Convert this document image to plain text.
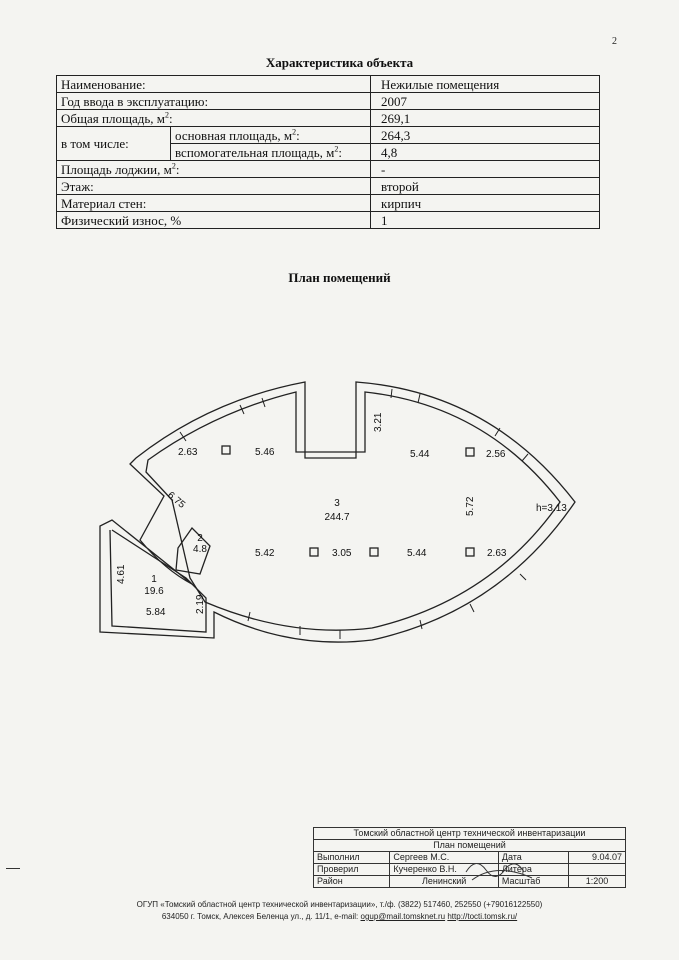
2
Характеристика объекта
Наименование:		Нежилые помещения
Год ввода в эксплуатацию:		2007
Общая площадь, $м^2$:		269,1
в том числе:	основная площадь, $м^2$:	264,3
	вспомогательная площадь, $м^2$:	4,8
Площадь лоджии, $м^2$:		-
Этаж:		второй
Материал стен:		кирпич
Физический износ, %		1
План помещений
2.63	5.46
3.21
5.44	2.56
6.75	3
244.7
5.72	h=3.13
2
4.8	5.42	3.05	5.44	2.63
4.61 1
19.6
5.84	2.19
Томский областной центр технической инвентаризации			
План помещений			
Выполнил	Сергеев М.С.	Дата	9.04.07
Проверил	Кучеренко В.Н.	Литера	
Район	Ленинский	Масштаб	1:200
ОГУП «Томский областной центр технической инвентаризации», т./ф. (3822) 517460, 252550 (+79016122550)
634050 г. Томск, Алексея Беленца ул., д. 11/1, e-mail: ogup@mail.tomsknet.ru http://tocti.tomsk.ru/
